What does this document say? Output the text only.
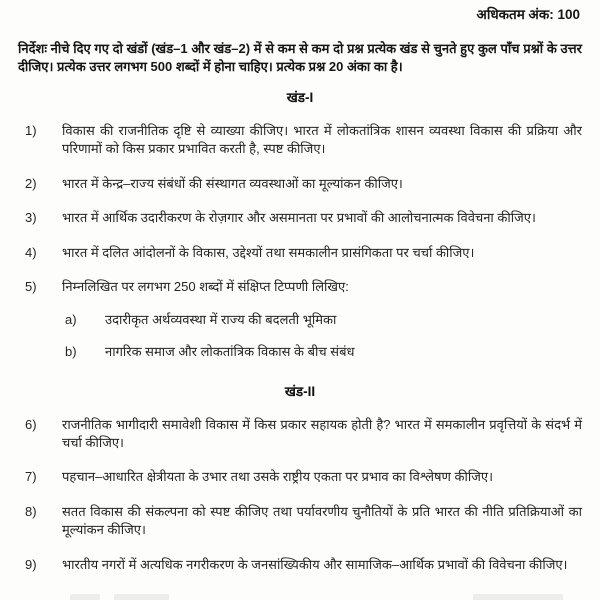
अधिकतम अंक: 100
निर्देशः नीचे दिए गए दो खंडों (खंड–1 और खंड–2) में से कम से कम दो प्रश्न प्रत्येक खंड से चुनते हुए कुल पाँच प्रश्नों के उत्तर दीजिए। प्रत्येक उत्तर लगभग 500 शब्दों में होना चाहिए। प्रत्येक प्रश्न 20 अंका का है।
खंड-I
1)	विकास की राजनीतिक दृष्टि से व्याख्या कीजिए। भारत में लोकतांत्रिक शासन व्यवस्था विकास की प्रक्रिया और परिणामों को किस प्रकार प्रभावित करती है, स्पष्ट कीजिए।
2)	भारत में केन्द्र–राज्य संबंधों की संस्थागत व्यवस्थाओं का मूल्यांकन कीजिए।
3)	भारत में आर्थिक उदारीकरण के रोज़गार और असमानता पर प्रभावों की आलोचनात्मक विवेचना कीजिए।
4)	भारत में दलित आंदोलनों के विकास, उद्देश्यों तथा समकालीन प्रासंगिकता पर चर्चा कीजिए।
5)	निम्नलिखित पर लगभग 250 शब्दों में संक्षिप्त टिप्पणी लिखिए:
a)	उदारीकृत अर्थव्यवस्था में राज्य की बदलती भूमिका
b)	नागरिक समाज और लोकतांत्रिक विकास के बीच संबंध
खंड-II
6)	राजनीतिक भागीदारी समावेशी विकास में किस प्रकार सहायक होती है? भारत में समकालीन प्रवृत्तियों के संदर्भ में चर्चा कीजिए।
7)	पहचान–आधारित क्षेत्रीयता के उभार तथा उसके राष्ट्रीय एकता पर प्रभाव का विश्लेषण कीजिए।
8)	सतत विकास की संकल्पना को स्पष्ट कीजिए तथा पर्यावरणीय चुनौतियों के प्रति भारत की नीति प्रतिक्रियाओं का मूल्यांकन कीजिए।
9)	भारतीय नगरों में अत्यधिक नगरीकरण के जनसांख्यिकीय और सामाजिक–आर्थिक प्रभावों की विवेचना कीजिए।
